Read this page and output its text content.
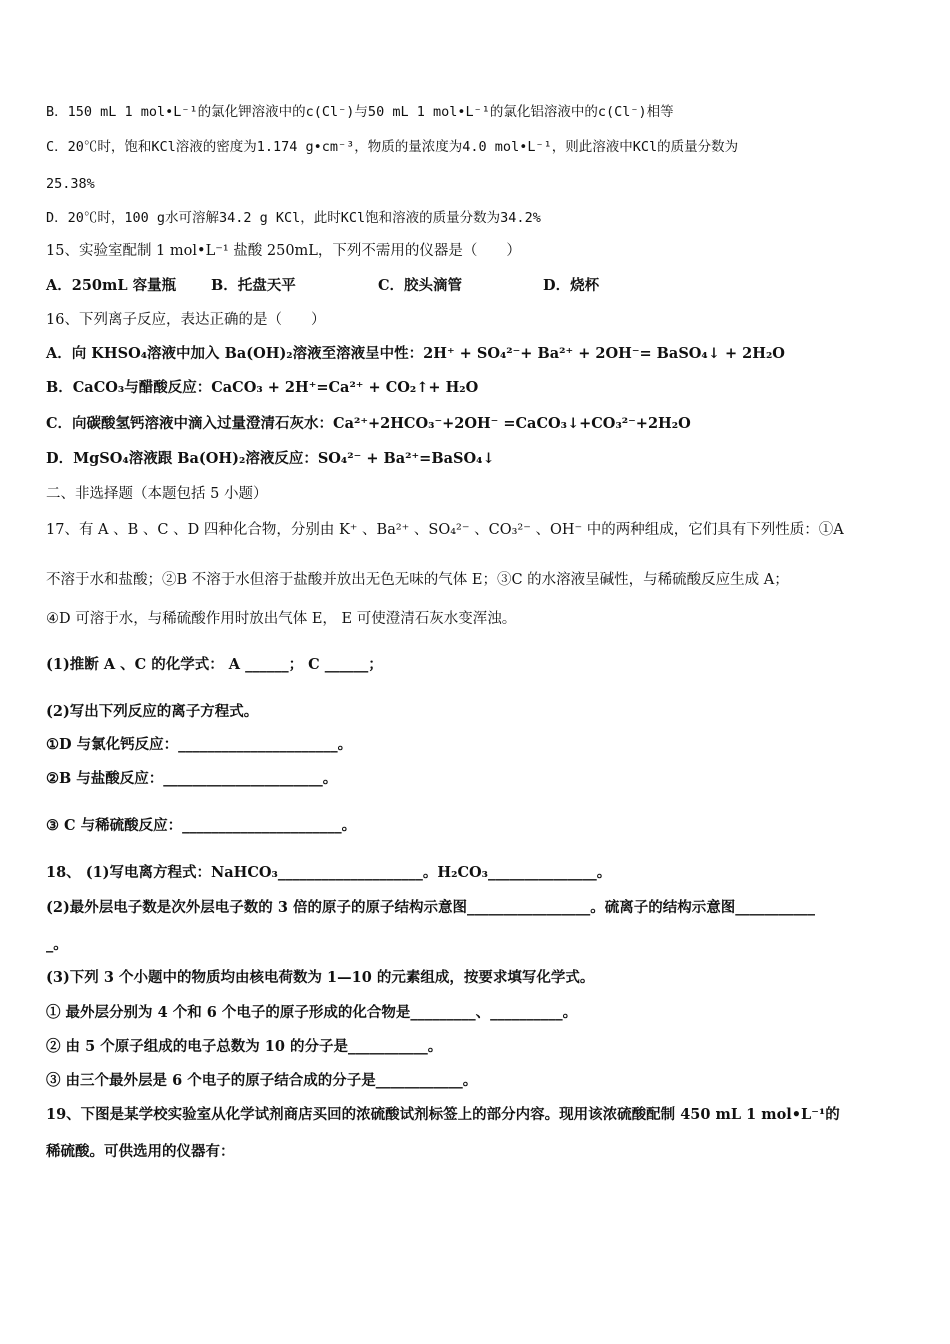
B．150 mL 1 mol•L⁻¹的氯化钾溶液中的c(Cl⁻)与50 mL 1 mol•L⁻¹的氯化铝溶液中的c(Cl⁻)相等
C．20℃时，饱和KCl溶液的密度为1.174 g•cm⁻³，物质的量浓度为4.0 mol•L⁻¹，则此溶液中KCl的质量分数为
25.38%
D．20℃时，100 g水可溶解34.2 g KCl，此时KCl饱和溶液的质量分数为34.2%
15、实验室配制 1 mol•L⁻¹ 盐酸 250mL，下列不需用的仪器是（　　）
A．250mL 容量瓶 B．托盘天平	C．胶头滴管	D．烧杯
16、下列离子反应，表达正确的是（　　）
A．向 KHSO₄溶液中加入 Ba(OH)₂溶液至溶液呈中性：2H⁺ + SO₄²⁻+ Ba²⁺ + 2OH⁻= BaSO₄↓ + 2H₂O
B．CaCO₃与醋酸反应：CaCO₃ + 2H⁺=Ca²⁺ + CO₂↑+ H₂O
C．向碳酸氢钙溶液中滴入过量澄清石灰水：Ca²⁺+2HCO₃⁻+2OH⁻ =CaCO₃↓+CO₃²⁻+2H₂O
D．MgSO₄溶液跟 Ba(OH)₂溶液反应：SO₄²⁻ + Ba²⁺=BaSO₄↓
二、非选择题（本题包括 5 小题）
17、有 A 、B 、C 、D 四种化合物，分别由 K⁺ 、Ba²⁺ 、SO₄²⁻ 、CO₃²⁻ 、OH⁻ 中的两种组成，它们具有下列性质：①A
不溶于水和盐酸；②B 不溶于水但溶于盐酸并放出无色无味的气体 E；③C 的水溶液呈碱性，与稀硫酸反应生成 A；
④D 可溶于水，与稀硫酸作用时放出气体 E， E 可使澄清石灰水变浑浊。
(1)推断 A 、C 的化学式： A ______； C ______；
(2)写出下列反应的离子方程式。
①D 与氯化钙反应：______________________。
②B 与盐酸反应：______________________。
③ C 与稀硫酸反应：______________________。
18、 (1)写电离方程式：NaHCO₃____________________。H₂CO₃_______________。
(2)最外层电子数是次外层电子数的 3 倍的原子的原子结构示意图_________________。硫离子的结构示意图___________
_。
(3)下列 3 个小题中的物质均由核电荷数为 1—10 的元素组成，按要求填写化学式。
① 最外层分别为 4 个和 6 个电子的原子形成的化合物是_________、__________。
② 由 5 个原子组成的电子总数为 10 的分子是___________。
③ 由三个最外层是 6 个电子的原子结合成的分子是____________。
19、下图是某学校实验室从化学试剂商店买回的浓硫酸试剂标签上的部分内容。现用该浓硫酸配制 450 mL 1 mol•L⁻¹的
稀硫酸。可供选用的仪器有：
